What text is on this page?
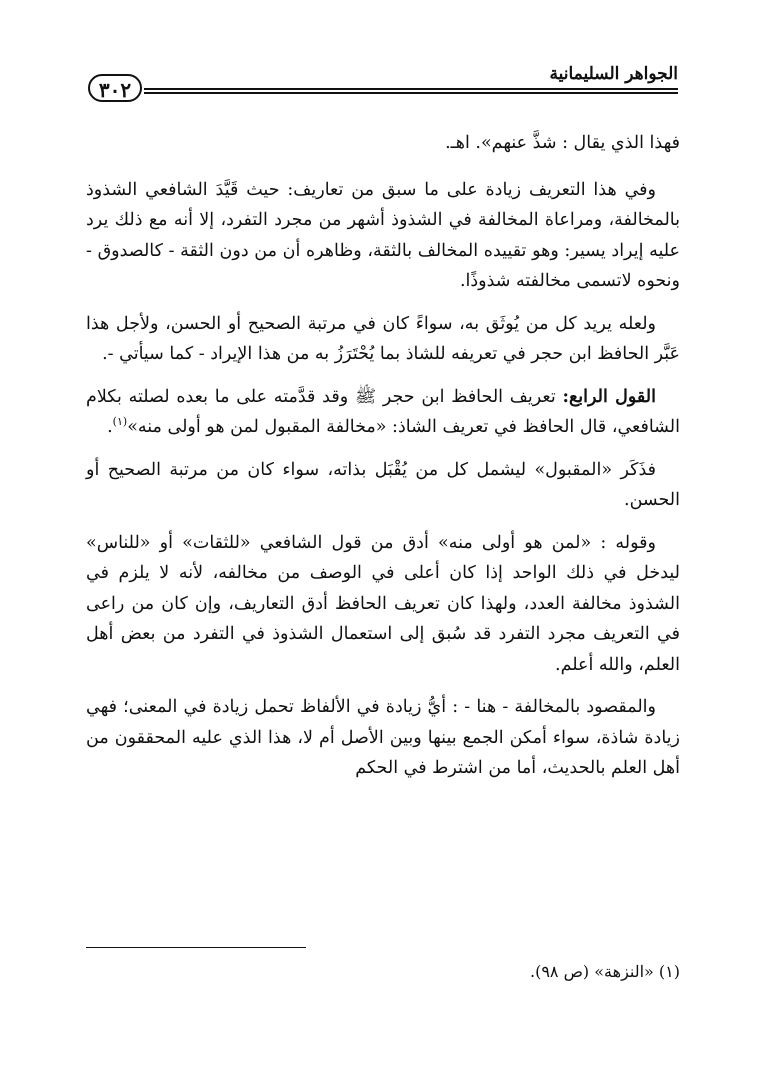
الجواهر السليمانية
٣٠٢

فهذا الذي يقال : شذَّ عنهم». اهـ.

وفي هذا التعريف زيادة على ما سبق من تعاريف: حيث قَيَّدَ الشافعي الشذوذ بالمخالفة، ومراعاة المخالفة في الشذوذ أشهر من مجرد التفرد، إلا أنه مع ذلك يرد عليه إيراد يسير: وهو تقييده المخالف بالثقة، وظاهره أن من دون الثقة - كالصدوق - ونحوه لاتسمى مخالفته شذوذًا.

ولعله يريد كل من يُوثَق به، سواءً كان في مرتبة الصحيح أو الحسن، ولأجل هذا عَبَّر الحافظ ابن حجر في تعريفه للشاذ بما يُحْتَرَزُ به من هذا الإيراد - كما سيأتي -.

القول الرابع: تعريف الحافظ ابن حجر ﷺ وقد قدَّمته على ما بعده لصلته بكلام الشافعي، قال الحافظ في تعريف الشاذ: «مخالفة المقبول لمن هو أولى منه»$^{(١)}$.

فذَكَر «المقبول» ليشمل كل من يُقْبَل بذاته، سواء كان من مرتبة الصحيح أو الحسن.

وقوله : «لمن هو أولى منه» أدق من قول الشافعي «للثقات» أو «للناس» ليدخل في ذلك الواحد إذا كان أعلى في الوصف من مخالفه، لأنه لا يلزم في الشذوذ مخالفة العدد، ولهذا كان تعريف الحافظ أدق التعاريف، وإن كان من راعى في التعريف مجرد التفرد قد سُبق إلى استعمال الشذوذ في التفرد من بعض أهل العلم، والله أعلم.

والمقصود بالمخالفة - هنا - : أيُّ زيادة في الألفاظ تحمل زيادة في المعنى؛ فهي زيادة شاذة، سواء أمكن الجمع بينها وبين الأصل أم لا، هذا الذي عليه المحققون من أهل العلم بالحديث، أما من اشترط في الحكم

(١) «النزهة» (ص ٩٨).
